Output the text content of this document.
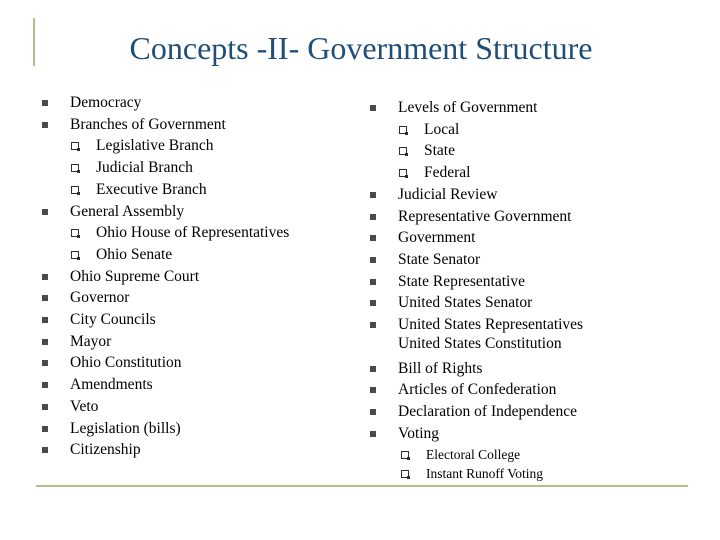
Concepts -II- Government Structure
Democracy
Branches of Government
Legislative Branch
Judicial Branch
Executive Branch
General Assembly
Ohio House of Representatives
Ohio Senate
Ohio Supreme Court
Governor
City Councils
Mayor
Ohio Constitution
Amendments
Veto
Legislation (bills)
Citizenship
Levels of Government
Local
State
Federal
Judicial Review
Representative Government
Government
State Senator
State Representative
United States Senator
United States Representatives
United States Constitution
Bill of Rights
Articles of Confederation
Declaration of Independence
Voting
Electoral College
Instant Runoff Voting
